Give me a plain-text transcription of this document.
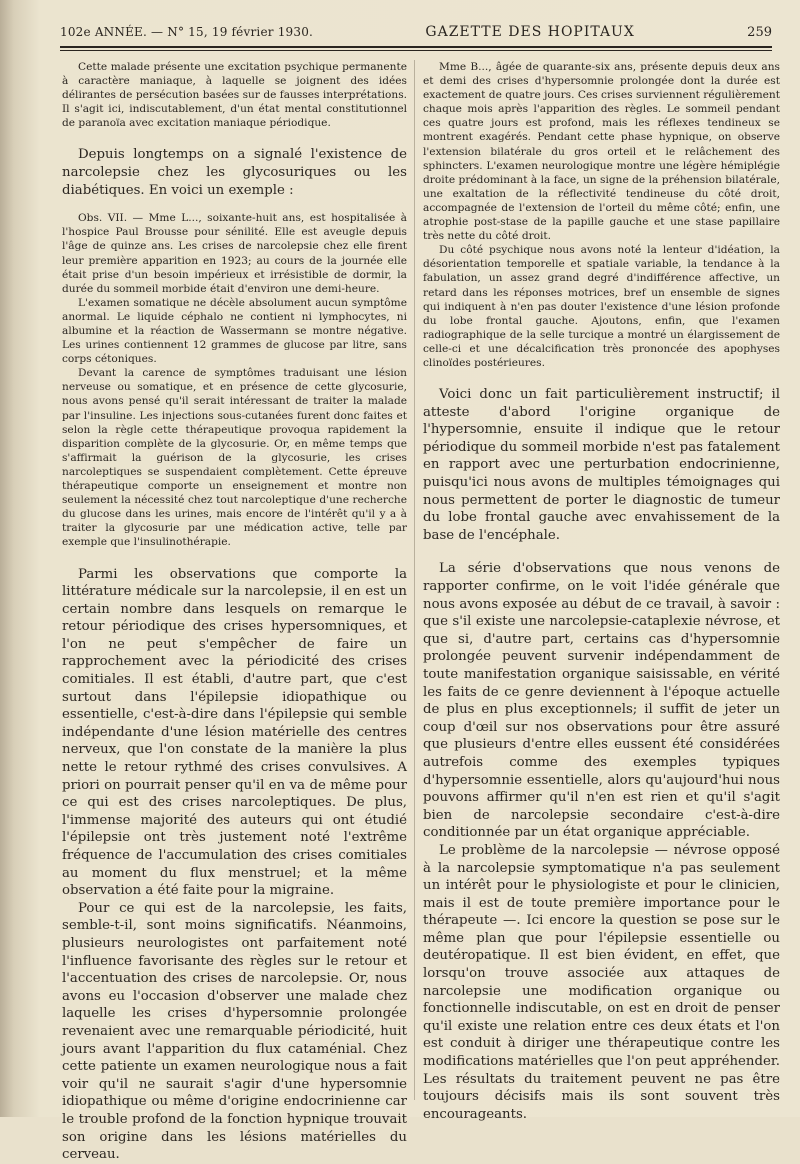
102e ANNÉE. — N° 15, 19 février 1930.	GAZETTE DES HOPITAUX	259

Cette malade présente une excitation psychique permanente à caractère maniaque, à laquelle se joignent des idées délirantes de persécution basées sur de fausses interprétations. Il s'agit ici, indiscutablement, d'un état mental constitutionnel de paranoïa avec excitation maniaque périodique.

Depuis longtemps on a signalé l'existence de narcolepsie chez les glycosuriques ou les diabétiques. En voici un exemple :

Obs. VII. — Mme L..., soixante-huit ans, est hospitalisée à l'hospice Paul Brousse pour sénilité. Elle est aveugle depuis l'âge de quinze ans. Les crises de narcolepsie chez elle firent leur première apparition en 1923; au cours de la journée elle était prise d'un besoin impérieux et irrésistible de dormir, la durée du sommeil morbide était d'environ une demi-heure.

L'examen somatique ne décèle absolument aucun symptôme anormal. Le liquide céphalo ne contient ni lymphocytes, ni albumine et la réaction de Wassermann se montre négative. Les urines contiennent 12 grammes de glucose par litre, sans corps cétoniques.

Devant la carence de symptômes traduisant une lésion nerveuse ou somatique, et en présence de cette glycosurie, nous avons pensé qu'il serait intéressant de traiter la malade par l'insuline. Les injections sous-cutanées furent donc faites et selon la règle cette thérapeutique provoqua rapidement la disparition complète de la glycosurie. Or, en même temps que s'affirmait la guérison de la glycosurie, les crises narcoleptiques se suspendaient complètement. Cette épreuve thérapeutique comporte un enseignement et montre non seulement la nécessité chez tout narcoleptique d'une recherche du glucose dans les urines, mais encore de l'intérêt qu'il y a à traiter la glycosurie par une médication active, telle par exemple que l'insulinothérapie.

Parmi les observations que comporte la littérature médicale sur la narcolepsie, il en est un certain nombre dans lesquels on remarque le retour périodique des crises hypersomniques, et l'on ne peut s'empêcher de faire un rapprochement avec la périodicité des crises comitiales. Il est établi, d'autre part, que c'est surtout dans l'épilepsie idiopathique ou essentielle, c'est-à-dire dans l'épilepsie qui semble indépendante d'une lésion matérielle des centres nerveux, que l'on constate de la manière la plus nette le retour rythmé des crises convulsives. A priori on pourrait penser qu'il en va de même pour ce qui est des crises narcoleptiques. De plus, l'immense majorité des auteurs qui ont étudié l'épilepsie ont très justement noté l'extrême fréquence de l'accumulation des crises comitiales au moment du flux menstruel; et la même observation a été faite pour la migraine.

Pour ce qui est de la narcolepsie, les faits, semble-t-il, sont moins significatifs. Néanmoins, plusieurs neurologistes ont parfaitement noté l'influence favorisante des règles sur le retour et l'accentuation des crises de narcolepsie. Or, nous avons eu l'occasion d'observer une malade chez laquelle les crises d'hypersomnie prolongée revenaient avec une remarquable périodicité, huit jours avant l'apparition du flux cataménial. Chez cette patiente un examen neurologique nous a fait voir qu'il ne saurait s'agir d'une hypersomnie idiopathique ou même d'origine endocrinienne car le trouble profond de la fonction hypnique trouvait son origine dans les lésions matérielles du cerveau.

Mme B..., âgée de quarante-six ans, présente depuis deux ans et demi des crises d'hypersomnie prolongée dont la durée est exactement de quatre jours. Ces crises surviennent régulièrement chaque mois après l'apparition des règles. Le sommeil pendant ces quatre jours est profond, mais les réflexes tendineux se montrent exagérés. Pendant cette phase hypnique, on observe l'extension bilatérale du gros orteil et le relâchement des sphincters. L'examen neurologique montre une légère hémiplégie droite prédominant à la face, un signe de la préhension bilatérale, une exaltation de la réflectivité tendineuse du côté droit, accompagnée de l'extension de l'orteil du même côté; enfin, une atrophie post-stase de la papille gauche et une stase papillaire très nette du côté droit.

Du côté psychique nous avons noté la lenteur d'idéation, la désorientation temporelle et spatiale variable, la tendance à la fabulation, un assez grand degré d'indifférence affective, un retard dans les réponses motrices, bref un ensemble de signes qui indiquent à n'en pas douter l'existence d'une lésion profonde du lobe frontal gauche. Ajoutons, enfin, que l'examen radiographique de la selle turcique a montré un élargissement de celle-ci et une décalcification très prononcée des apophyses clinoïdes postérieures.

Voici donc un fait particulièrement instructif; il atteste d'abord l'origine organique de l'hypersomnie, ensuite il indique que le retour périodique du sommeil morbide n'est pas fatalement en rapport avec une perturbation endocrinienne, puisqu'ici nous avons de multiples témoignages qui nous permettent de porter le diagnostic de tumeur du lobe frontal gauche avec envahissement de la base de l'encéphale.

La série d'observations que nous venons de rapporter confirme, on le voit l'idée générale que nous avons exposée au début de ce travail, à savoir : que s'il existe une narcolepsie-cataplexie névrose, et que si, d'autre part, certains cas d'hypersomnie prolongée peuvent survenir indépendamment de toute manifestation organique saisissable, en vérité les faits de ce genre deviennent à l'époque actuelle de plus en plus exceptionnels; il suffit de jeter un coup d'œil sur nos observations pour être assuré que plusieurs d'entre elles eussent été considérées autrefois comme des exemples typiques d'hypersomnie essentielle, alors qu'aujourd'hui nous pouvons affirmer qu'il n'en est rien et qu'il s'agit bien de narcolepsie secondaire c'est-à-dire conditionnée par un état organique appréciable.

Le problème de la narcolepsie — névrose opposé à la narcolepsie symptomatique n'a pas seulement un intérêt pour le physiologiste et pour le clinicien, mais il est de toute première importance pour le thérapeute —. Ici encore la question se pose sur le même plan que pour l'épilepsie essentielle ou deutéropatique. Il est bien évident, en effet, que lorsqu'on trouve associée aux attaques de narcolepsie une modification organique ou fonctionnelle indiscutable, on est en droit de penser qu'il existe une relation entre ces deux états et l'on est conduit à diriger une thérapeutique contre les modifications matérielles que l'on peut appréhender. Les résultats du traitement peuvent ne pas être toujours décisifs mais ils sont souvent très encourageants.
